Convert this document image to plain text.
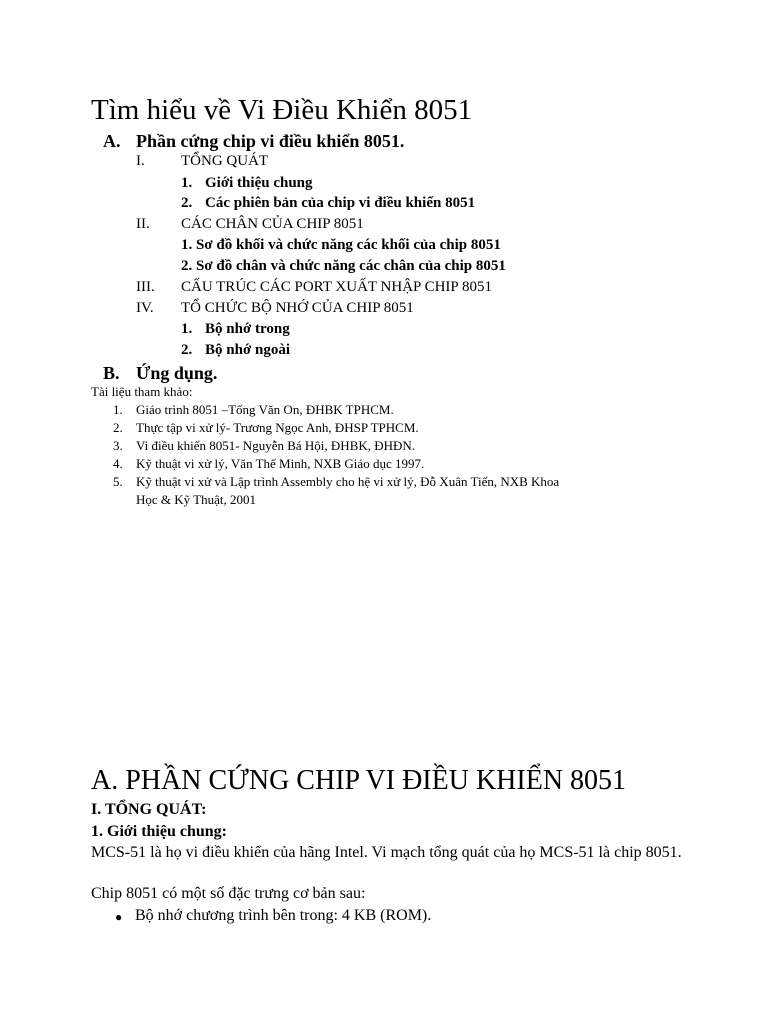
Tìm hiểu về Vi Điều Khiển 8051
A. Phần cứng chip vi điều khiển 8051.
I. TỔNG QUÁT
1. Giới thiệu chung
2. Các phiên bản của chip vi điều khiển 8051
II. CÁC CHÂN CỦA CHIP 8051
1. Sơ đồ khối và chức năng các khối của chip 8051
2. Sơ đồ chân và chức năng các chân của chip 8051
III. CẤU TRÚC CÁC PORT XUẤT NHẬP CHIP 8051
IV. TỔ CHỨC BỘ NHỚ CỦA CHIP 8051
1. Bộ nhớ trong
2. Bộ nhớ ngoài
B. Ứng dụng.
Tài liệu tham khảo:
1. Giáo trình 8051 –Tống Văn On, ĐHBK TPHCM.
2. Thực tập vi xử lý- Trương Ngọc Anh, ĐHSP TPHCM.
3. Vi điều khiển 8051- Nguyễn Bá Hội, ĐHBK, ĐHĐN.
4. Kỹ thuật vi xử lý, Văn Thế Minh, NXB Giáo dục 1997.
5. Kỹ thuật vi xử và Lập trình Assembly cho hệ vi xử lý, Đỗ Xuân Tiến, NXB Khoa
Học & Kỹ Thuật, 2001
A. PHẦN CỨNG CHIP VI ĐIỀU KHIỂN 8051
I. TỔNG QUÁT:
1. Giới thiệu chung:
MCS-51 là họ vi điều khiển của hãng Intel. Vi mạch tổng quát của họ MCS-51 là chip 8051.
Chip 8051 có một số đặc trưng cơ bản sau:
● Bộ nhớ chương trình bên trong: 4 KB (ROM).
